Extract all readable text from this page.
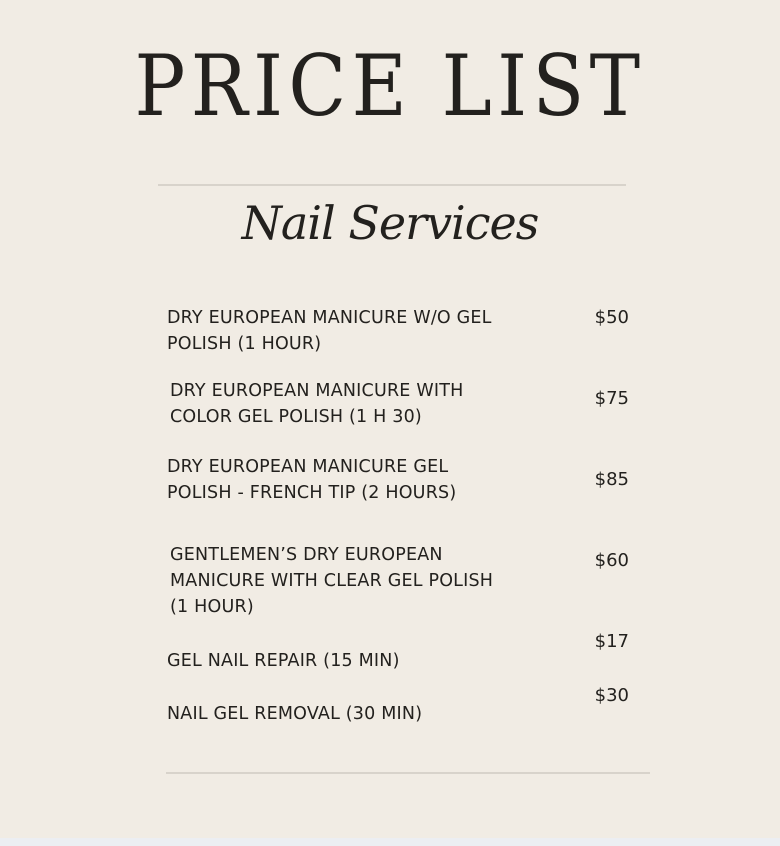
PRICE LIST
Nail Services
DRY EUROPEAN MANICURE W/O GEL
POLISH (1 HOUR)
$50
DRY EUROPEAN MANICURE WITH
COLOR GEL POLISH (1 H 30)
$75
DRY EUROPEAN MANICURE GEL
POLISH - FRENCH TIP (2 HOURS)
$85
GENTLEMEN’S DRY EUROPEAN
MANICURE WITH CLEAR GEL POLISH
(1 HOUR)
$60
GEL NAIL REPAIR (15 MIN)
$17
NAIL GEL REMOVAL (30 MIN)
$30
